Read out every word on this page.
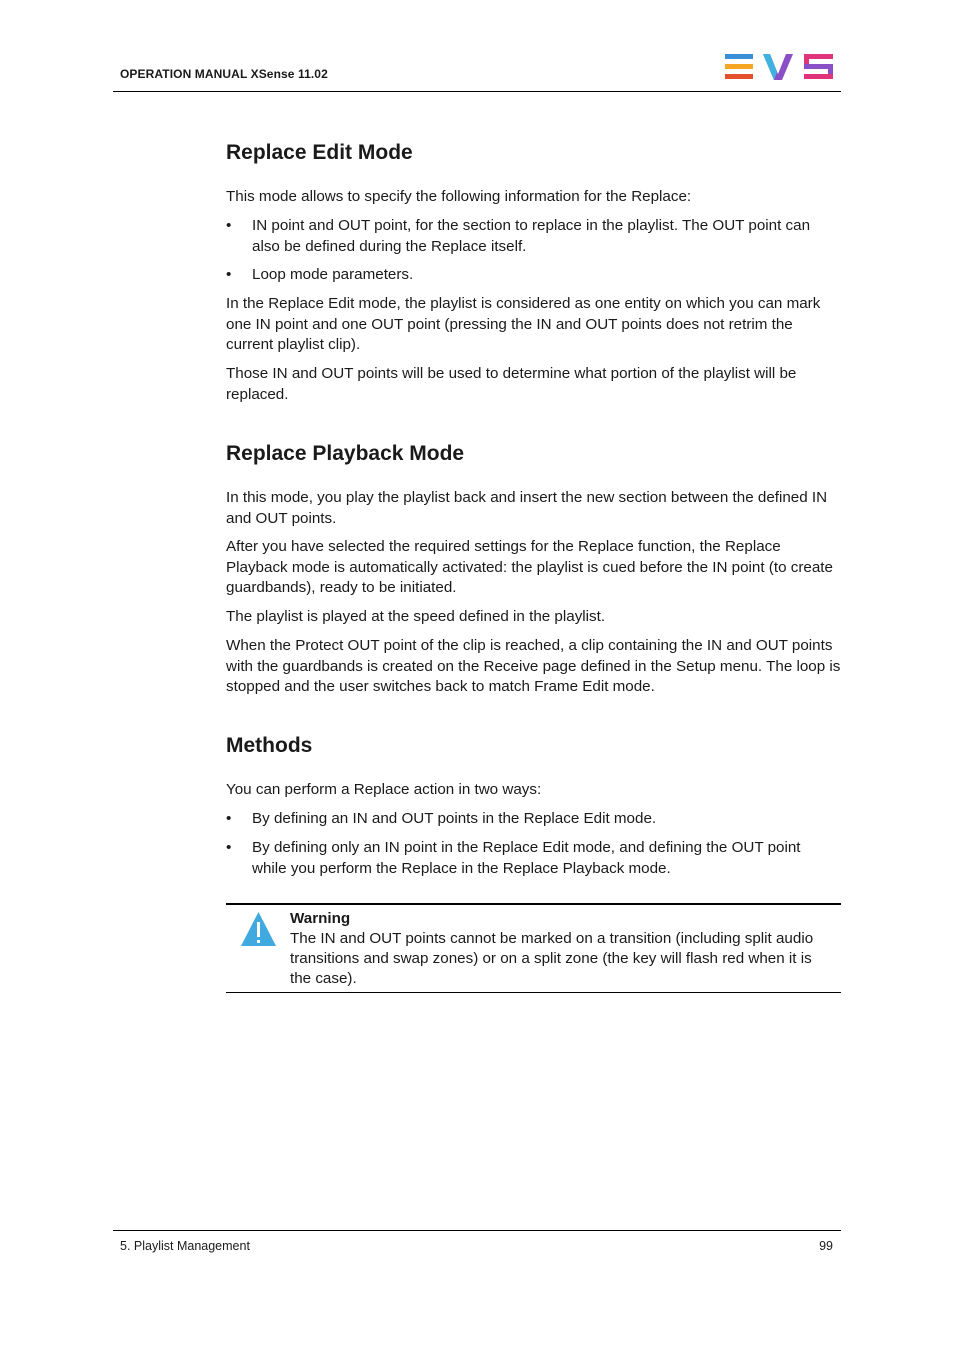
OPERATION MANUAL XSense 11.02
Replace Edit Mode

This mode allows to specify the following information for the Replace:

• IN point and OUT point, for the section to replace in the playlist. The OUT point can also be defined during the Replace itself.
• Loop mode parameters.

In the Replace Edit mode, the playlist is considered as one entity on which you can mark one IN point and one OUT point (pressing the IN and OUT points does not retrim the current playlist clip).

Those IN and OUT points will be used to determine what portion of the playlist will be replaced.

Replace Playback Mode

In this mode, you play the playlist back and insert the new section between the defined IN and OUT points.

After you have selected the required settings for the Replace function, the Replace Playback mode is automatically activated: the playlist is cued before the IN point (to create guardbands), ready to be initiated.

The playlist is played at the speed defined in the playlist.

When the Protect OUT point of the clip is reached, a clip containing the IN and OUT points with the guardbands is created on the Receive page defined in the Setup menu. The loop is stopped and the user switches back to match Frame Edit mode.

Methods

You can perform a Replace action in two ways:

• By defining an IN and OUT points in the Replace Edit mode.
• By defining only an IN point in the Replace Edit mode, and defining the OUT point while you perform the Replace in the Replace Playback mode.
Warning
The IN and OUT points cannot be marked on a transition (including split audio transitions and swap zones) or on a split zone (the key will flash red when it is the case).
5. Playlist Management	99
